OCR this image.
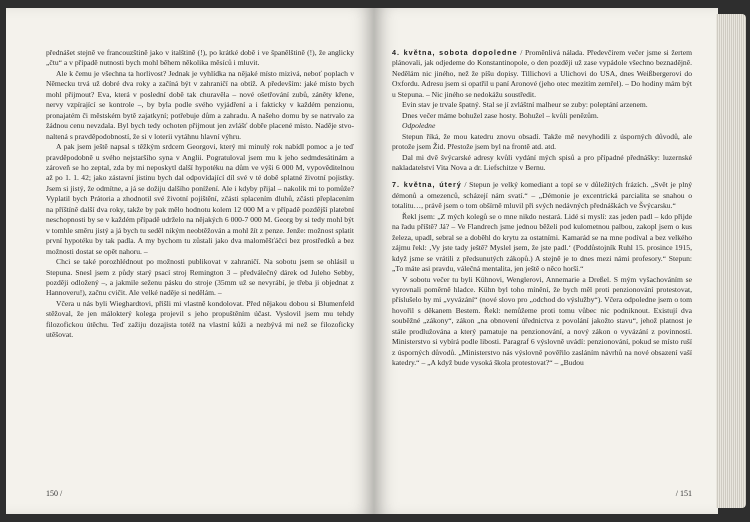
přednášet stejně ve francouzštině jako v italštině (!), po krátké době i ve španělštině (!), že anglicky „čtu“ a v případě nutnosti bych mohl během několika měsíců i mluvit.

Ale k čemu je všechna ta horlivost? Jednak je vyhlídka na nějaké místo mizivá, neboť poplach v Německu trvá už dobré dva roky a začíná být v zahraničí na obtíž. A především: jaké místo bych mohl přijmout? Eva, která v poslední době tak churavěla – nové ošetřování zubů, záněty křene, nervy vzpírající se kontrole –, by byla podle svého vyjádření a i fakticky v každém penzionu, pronajatém či městském bytě zajatkyní; potřebuje dům a zahradu. A našeho domu by se natrvalo za žádnou cenu nevzdala. Byl bych tedy ochoten přijmout jen zvlášť dobře placené místo. Naděje stvonaltená s pravděpodobností, že si v loterii vytáhnu hlavní výhru.

A pak jsem ještě napsal s těžkým srdcem Georgovi, který mi minulý rok nabídl pomoc a je teď pravděpodobně u svého nejstaršího syna v Anglii. Pogratuloval jsem mu k jeho sedmdesátinám a zároveň se ho zeptal, zda by mi neposkytl další hypotéku na dům ve výši 6 000 M, vypověditelnou až po 1. 1. 42; jako zástavní jistinu bych dal odpovídající díl své v té době splatné životní pojistky. Jsem si jistý, že odmítne, a já se dožiju dalšího ponížení. Ale i kdyby přijal – nakolik mi to pomůže? Vyplatil bych Prátoria a zhodnotil své životní pojištění, zčásti splacením dluhů, zčásti přeplacením na příštíně další dva roky, takže by pak mělo hodnotu kolem 12 000 M a v případě pozdější platební neschopnosti by se v každém případě udrželo na nějakých 6 000-7 000 M. Georg by si tedy mohl být v tomhle směru jistý a já bych tu seděl nikým neobtěžován a mohl žít z penze. Jenže: možnost splatit první hypotéku by tak padla. A my bychom tu zůstali jako dva maloměšťáčci bez prostředků a bez možnosti dostat se opět nahoru. –

Chci se také porozhlédnout po možnosti publikovat v zahraničí. Na sobotu jsem se ohlásil u Stepuna. Snesl jsem z půdy starý psací stroj Remington 3 – předválečný dárek od Juleho Sebby, později odložený –, a jakmile seženu pásku do stroje (35mm už se nevyrábí, je třeba ji objednat z Hannoveru!), začnu cvičit. Ale velké naděje si nedělám. –

Včera u nás byli Wieghardtovi, přišli mi vlastně kondolovat. Před nějakou dobou si Blumenfeld stěžoval, že jen málokterý kolega projevil s jeho propuštěním účast. Vyslovil jsem mu tehdy filozofickou útěchu. Teď zažiju dozajista totéž na vlastní kůži a nezbývá mi než se filozoficky utěšovat.

150 /

4. května, sobota dopoledne / Proměnlivá nálada. Předevčírem večer jsme si žertem plánovali, jak odjedeme do Konstantinopole, o den později už zase vypádole všechno beznadějně. Nedělám nic jiného, než že píšu dopisy. Tillichovi a Ulichovi do USA, dnes Weißbergerovi do Oxfordu. Adresu jsem si opatřil u paní Aronové (jeho otec mezitím zemřel). – Do hodiny mám být u Stepuna. – Nic jiného se nedokážu soustředit.

Evin stav je trvale špatný. Stal se jí zvláštní malheur se zuby: poleptání arzenem.

Dnes večer máme bohužel zase hosty. Bohužel – kvůli penězům.

Odpoledne

Stepun říká, že mou katedru znovu obsadí. Takže mě nevyhodili z úsporných důvodů, ale protože jsem Žid. Přestože jsem byl na frontě atd. atd.

Dal mi dvě švýcarské adresy kvůli vydání mých spisů a pro případné přednášky: luzernské nakladatelství Vita Nova a dr. Liefschitze v Bernu.

7. května, úterý / Stepun je velký komediant a topí se v důležitých frázích. „Svět je plný démonů a omezenců, scházejí nám svatí.“ – „Démonie je excentrická parcialita se snahou o totalitu…, právě jsem o tom obšírně mluvil při svých nedávných přednáškách ve Švýcarsku.“

Řekl jsem: „Z mých kolegů se o mne nikdo nestará. Lidé si myslí: zas jeden padl – kdo přijde na řadu příště? Já? – Ve Flandrech jsme jednou běželi pod kulometnou palbou, zakopl jsem o kus železa, upadl, sebral se a doběhl do krytu za ostatními. Kamarád se na mne podíval a bez velkého zájmu řekl: ‚Vy jste tady ještě? Myslel jsem, že jste padl.‘ (Poddůstojník Ruhl 15. prosince 1915, když jsme se vrátili z předsunutých zákopů.) A stejně je to dnes mezi námi profesory.“ Stepun: „To máte asi pravdu, válečná mentalita, jen ještě o něco horší.“

V sobotu večer tu byli Kühnovi, Wenglerovi, Annemarie a Dreßel. S mým vyšachováním se vyrovnali poměrně hladce. Kühn byl toho mínění, že bych měl proti penzionování protestovat, příslušelo by mi „vyvázání“ (nové slovo pro „odchod do výslužby“). Včera odpoledne jsem o tom hovořil s děkanem Bestem. Řekl: nemůžeme proti tomu vůbec nic podniknout. Existují dva souběžné „zákony“, zákon „na obnovení úřednictva z povolání jakožto stavu“, jehož platnost je stále prodlužována a který pamatuje na penzionování, a nový zákon o vyvázání z povinností. Ministerstvo si vybírá podle libosti. Paragraf 6 výslovně uvádí: penzionování, pokud se místo ruší z úsporných důvodů. „Ministerstvo nás výslovně pověřilo zasláním návrhů na nové obsazení vaší katedry.“ – „A když bude vysoká škola protestovat?“ – „Budou

/ 151
